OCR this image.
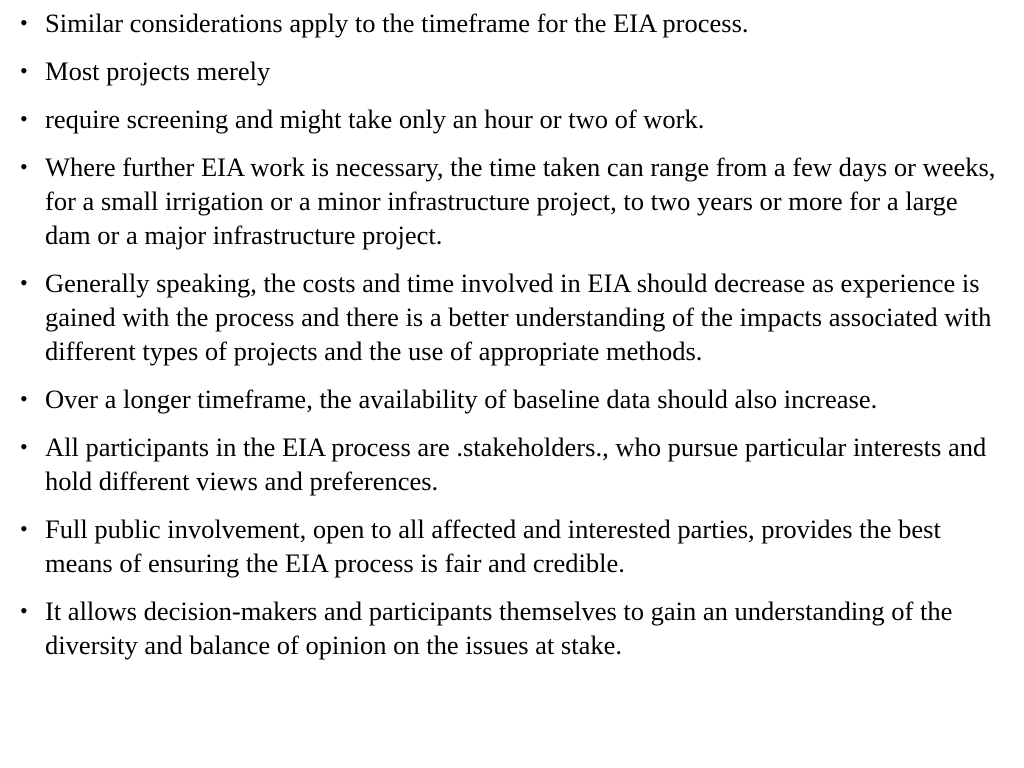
• Similar considerations apply to the timeframe for the EIA process.
• Most projects merely
• require screening and might take only an hour or two of work.
• Where further EIA work is necessary, the time taken can range from a few days or weeks, for a small irrigation or a minor infrastructure project, to two years or more for a large dam or a major infrastructure project.
• Generally speaking, the costs and time involved in EIA should decrease as experience is gained with the process and there is a better understanding of the impacts associated with different types of projects and the use of appropriate methods.
• Over a longer timeframe, the availability of baseline data should also increase.
• All participants in the EIA process are .stakeholders., who pursue particular interests and hold different views and preferences.
• Full public involvement, open to all affected and interested parties, provides the best means of ensuring the EIA process is fair and credible.
• It allows decision-makers and participants themselves to gain an understanding of the diversity and balance of opinion on the issues at stake.
